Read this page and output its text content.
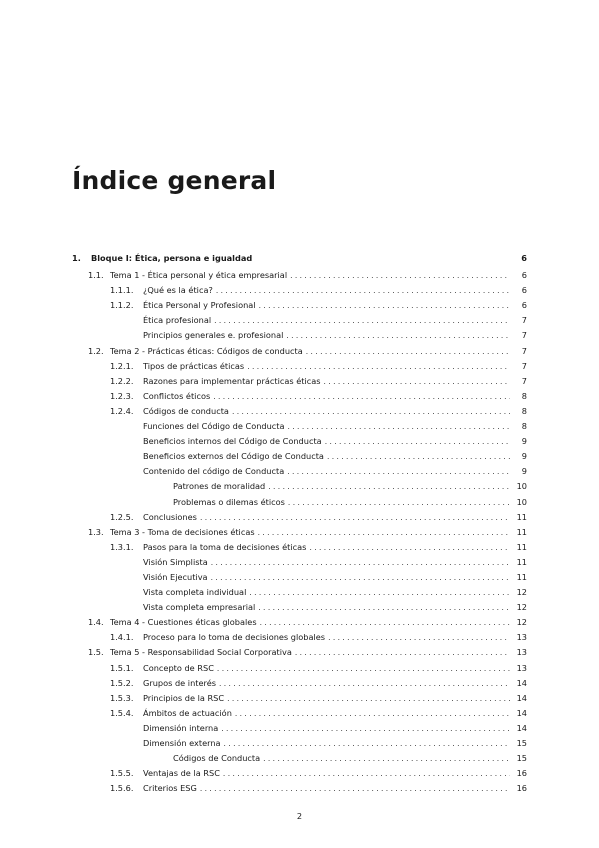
Índice general
1.	Bloque I: Ética, persona e igualdad	6
1.1. Tema 1 - Ética personal y ética empresarial . . .	6
1.1.1.	¿Qué es la ética? . . .	6
1.1.2.	Ética Personal y Profesional . . .	6
Ética profesional . . .	7
Principios generales e. profesional . . .	7
1.2. Tema 2 - Prácticas éticas: Códigos de conducta . . .	7
1.2.1.	Tipos de prácticas éticas . . .	7
1.2.2.	Razones para implementar prácticas éticas . . .	7
1.2.3.	Conflictos éticos . . .	8
1.2.4.	Códigos de conducta . . .	8
Funciones del Código de Conducta . . .	8
Beneficios internos del Código de Conducta . . .	9
Beneficios externos del Código de Conducta . . .	9
Contenido del código de Conducta . . .	9
Patrones de moralidad . . .	10
Problemas o dilemas éticos . . .	10
1.2.5.	Conclusiones . . .	11
1.3. Tema 3 - Toma de decisiones éticas . . .	11
1.3.1.	Pasos para la toma de decisiones éticas . . .	11
Visión Simplista . . .	11
Visión Ejecutiva . . .	11
Vista completa individual . . .	12
Vista completa empresarial . . .	12
1.4. Tema 4 - Cuestiones éticas globales . . .	12
1.4.1.	Proceso para lo toma de decisiones globales . . .	13
1.5. Tema 5 - Responsabilidad Social Corporativa . . .	13
1.5.1.	Concepto de RSC . . .	13
1.5.2.	Grupos de interés . . .	14
1.5.3.	Principios de la RSC . . .	14
1.5.4.	Ámbitos de actuación . . .	14
Dimensión interna . . .	14
Dimensión externa . . .	15
Códigos de Conducta . . .	15
1.5.5.	Ventajas de la RSC . . .	16
1.5.6.	Criterios ESG . . .	16
2
